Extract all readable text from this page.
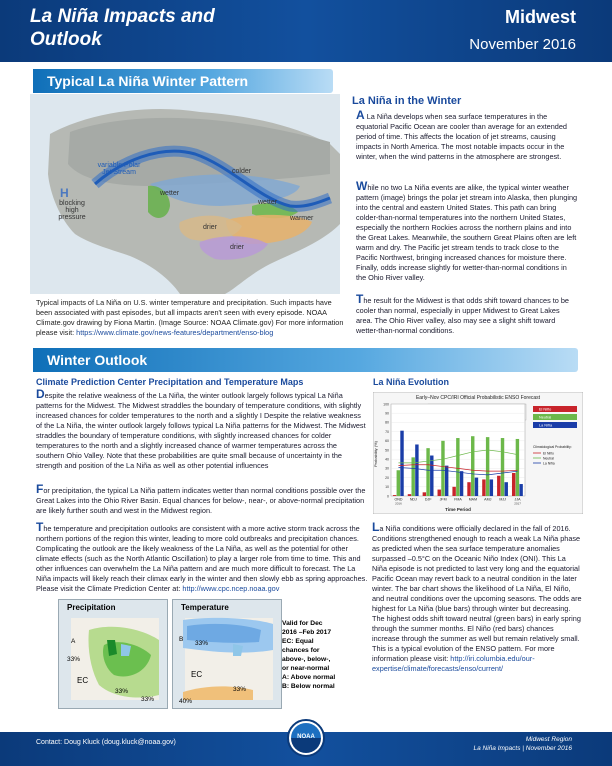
La Niña Impacts and Outlook
Midwest
November 2016
Typical La Niña Winter Pattern
variable Polar Jet Stream
H
blocking high pressure
colder
wetter
wetter
warmer
drier
drier
Typical impacts of La Niña on U.S. winter temperature and precipitation. Such impacts have been associated with past episodes, but all impacts aren't seen with every episode. NOAA Climate.gov drawing by Fiona Martin. (Image Source: NOAA Climate.gov) For more information please visit: https://www.climate.gov/news-features/department/enso-blog
La Niña in the Winter
A La Niña develops when sea surface temperatures in the equatorial Pacific Ocean are cooler than average for an extended period of time. This affects the location of jet streams, causing impacts in North America. The most notable impacts occur in the winter, when the wind patterns in the atmosphere are strongest.
While no two La Niña events are alike, the typical winter weather pattern (image) brings the polar jet stream into Alaska, then plunging into the central and eastern United States. This path can bring colder-than-normal temperatures into the northern United States, especially the northern Rockies across the northern plains and into the Great Lakes. Meanwhile, the southern Great Plains often are left warm and dry. The Pacific jet stream tends to track close to the Pacific Northwest, bringing increased chances for moisture there. Finally, odds increase slightly for wetter-than-normal conditions in the Ohio River valley.
The result for the Midwest is that odds shift toward chances to be cooler than normal, especially in upper Midwest to Great Lakes area. The Ohio River valley, also may see a slight shift toward wetter-than-normal conditions.
Winter Outlook
Climate Prediction Center Precipitation and Temperature Maps
Despite the relative weakness of the La Niña, the winter outlook largely follows typical La Niña patterns for the Midwest. The Midwest straddles the boundary of temperature conditions, with slightly increased chances for colder temperatures to the north and a slightly I Despite the relative weakness of the La Niña, the winter outlook largely follows typical La Niña patterns for the Midwest. The Midwest straddles the boundary of temperature conditions, with slightly increased chances for colder temperatures to the north and a slightly increased chance of warmer temperatures across the southern Ohio Valley. Note that these probabilities are quite small because of uncertainty in the strength and position of the La Niña as well as other potential influences
For precipitation, the typical La Niña pattern indicates wetter than normal conditions possible over the Great Lakes into the Ohio River Basin. Equal chances for below-, near-, or above-normal precipitation are likely further south and west in the Midwest region.
The temperature and precipitation outlooks are consistent with a more active storm track across the northern portions of the region this winter, leading to more cold outbreaks and precipitation chances. Complicating the outlook are the likely weakness of the La Niña, as well as the potential for other climate effects (such as the North Atlantic Oscillation) to play a larger role from time to time. This and other influences can overwhelm the La Niña pattern and are much more difficult to forecast. The La Niña impacts will likely reach their climax early in the winter and then slowly ebb as spring approaches. Please visit the Climate Prediction Center at: http://www.cpc.ncep.noaa.gov
La Niña Evolution
Early–Nov CPC/IRI Official Probabilistic ENSO Forecast
Probability (%)
Time Period
El Niño
Neutral
La Niña
Climatological Probability:
El Niño
Neutral
La Niña
0
10
20
30
40
50
60
70
80
90
100
OND
2016
NDJ DJF JFM FMA MAM AMJ MJJ JJA
2017
La Niña conditions were officially declared in the fall of 2016. Conditions strengthened enough to reach a weak La Niña phase as predicted when the sea surface temperature anomalies surpassed –0.5°C on the Oceanic Niño Index (ONI). This La Niña episode is not predicted to last very long and the equatorial Pacific Ocean may revert back to a neutral condition in the later winter. The bar chart shows the likelihood of La Niña, El Niño, and neutral conditions over the upcoming seasons. The odds are highest for La Niña (blue bars) through winter but decreasing. The highest odds shift toward neutral (green bars) in early spring through the summer months. El Niño (red bars) chances increase through the summer as well but remain relatively small. This is a typical evolution of the ENSO pattern. For more information please visit: http://iri.columbia.edu/our-expertise/climate/forecasts/enso/current/
Precipitation
A
33%
EC
33%
33%
Temperature
B
33%
EC
33%
40%
Valid for Dec
2016 –Feb 2017
EC: Equal
chances for
above-, below-,
or near-normal
A: Above normal
B: Below normal
Contact: Doug Kluck (doug.kluck@noaa.gov)	Midwest Region
La Niña Impacts | November 2016
NOAA
